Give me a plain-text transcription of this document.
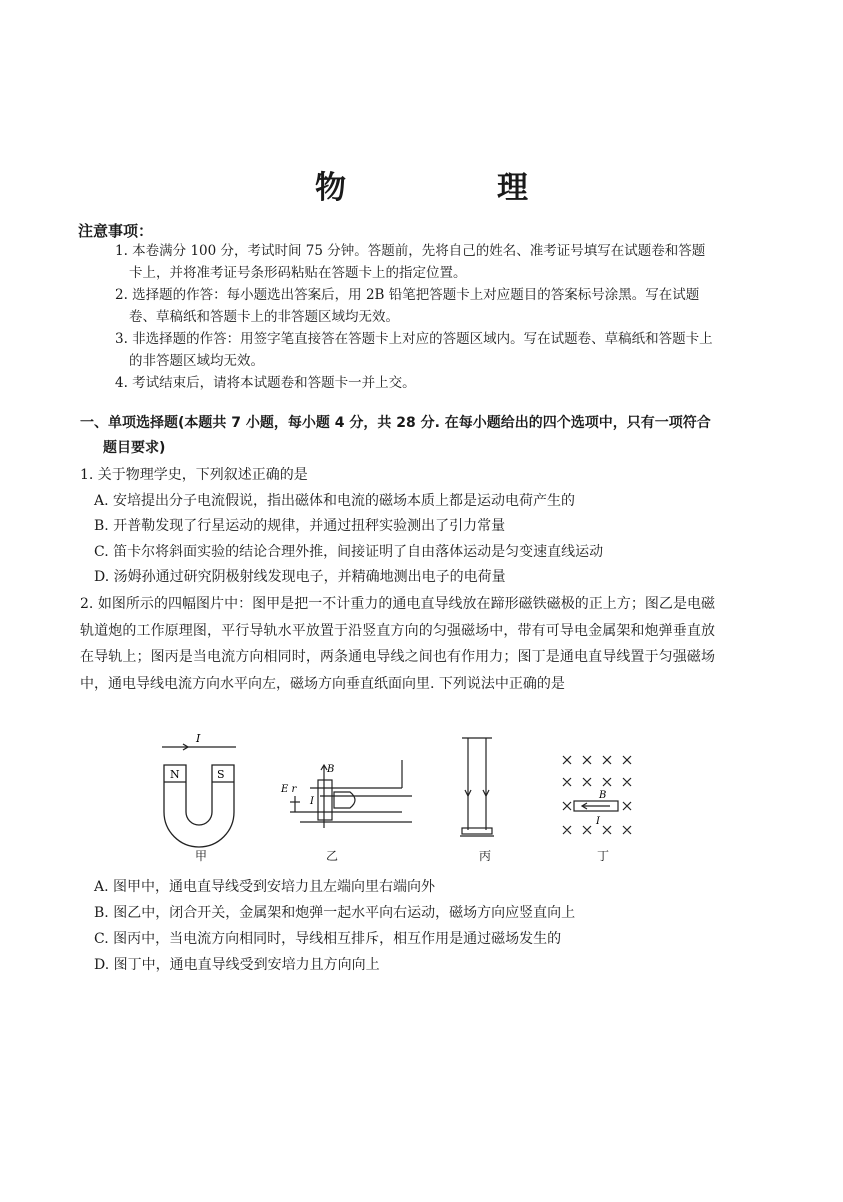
物　理
注意事项：

1. 本卷满分 100 分，考试时间 75 分钟。答题前，先将自己的姓名、准考证号填写在试题卷和答题卡上，并将准考证号条形码粘贴在答题卡上的指定位置。

2. 选择题的作答：每小题选出答案后，用 2B 铅笔把答题卡上对应题目的答案标号涂黑。写在试题卷、草稿纸和答题卡上的非答题区域均无效。

3. 非选择题的作答：用签字笔直接答在答题卡上对应的答题区域内。写在试题卷、草稿纸和答题卡上的非答题区域均无效。

4. 考试结束后，请将本试题卷和答题卡一并上交。

一、单项选择题(本题共 7 小题，每小题 4 分，共 28 分. 在每小题给出的四个选项中，只有一项符合
题目要求)
1. 关于物理学史，下列叙述正确的是
A. 安培提出分子电流假说，指出磁体和电流的磁场本质上都是运动电荷产生的
B. 开普勒发现了行星运动的规律，并通过扭秤实验测出了引力常量
C. 笛卡尔将斜面实验的结论合理外推，间接证明了自由落体运动是匀变速直线运动
D. 汤姆孙通过研究阴极射线发现电子，并精确地测出电子的电荷量
2. 如图所示的四幅图片中：图甲是把一不计重力的通电直导线放在蹄形磁铁磁极的正上方；图乙是电磁轨道炮的工作原理图，平行导轨水平放置于沿竖直方向的匀强磁场中，带有可导电金属架和炮弹垂直放在导轨上；图丙是当电流方向相同时，两条通电导线之间也有作用力；图丁是通电直导线置于匀强磁场中，通电导线电流方向水平向左，磁场方向垂直纸面向里. 下列说法中正确的是
I
N	S
E r
B
I
B
I
甲	乙	丙	丁
A. 图甲中，通电直导线受到安培力且左端向里右端向外
B. 图乙中，闭合开关，金属架和炮弹一起水平向右运动，磁场方向应竖直向上
C. 图丙中，当电流方向相同时，导线相互排斥，相互作用是通过磁场发生的
D. 图丁中，通电直导线受到安培力且方向向上
